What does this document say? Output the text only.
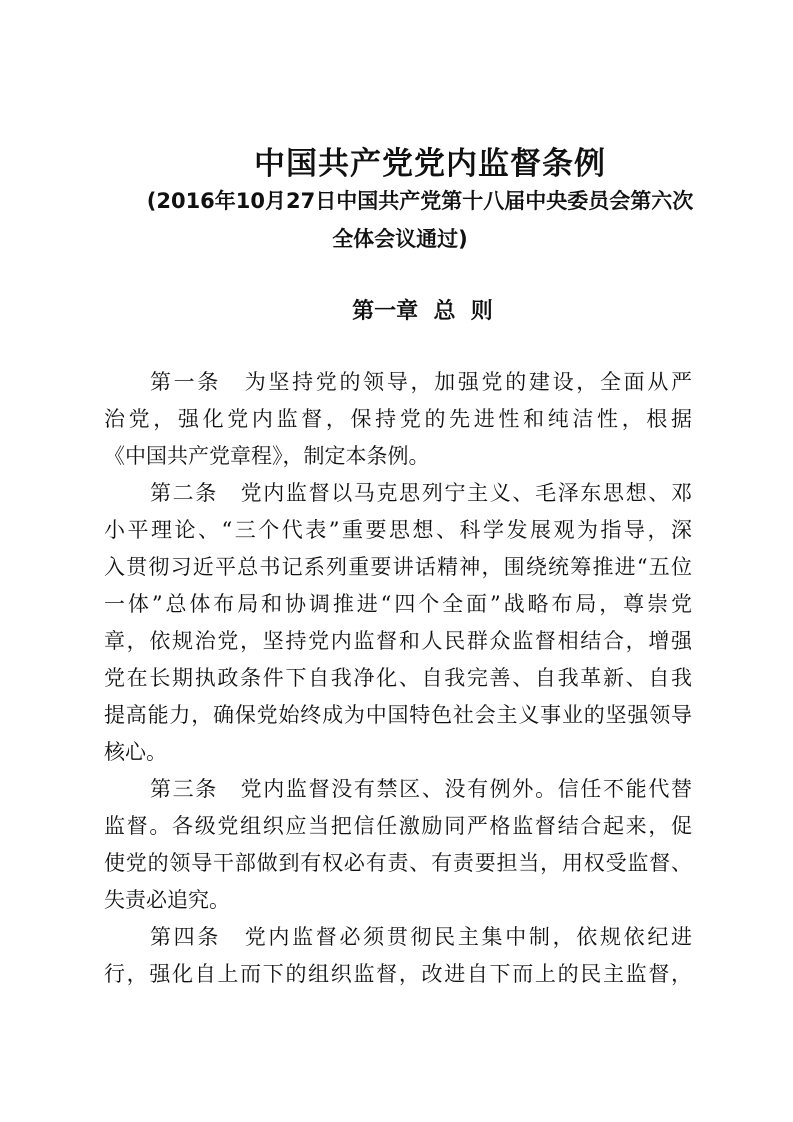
中国共产党党内监督条例
(2016年10月27日中国共产党第十八届中央委员会第六次
全体会议通过)
第一章  总  则
第一条　为坚持党的领导，加强党的建设，全面从严
治党，强化党内监督，保持党的先进性和纯洁性，根据
《中国共产党章程》，制定本条例。
第二条　党内监督以马克思列宁主义、毛泽东思想、邓
小平理论、“三个代表”重要思想、科学发展观为指导，深
入贯彻习近平总书记系列重要讲话精神，围绕统筹推进“五位
一体”总体布局和协调推进“四个全面”战略布局，尊崇党
章，依规治党，坚持党内监督和人民群众监督相结合，增强
党在长期执政条件下自我净化、自我完善、自我革新、自我
提高能力，确保党始终成为中国特色社会主义事业的坚强领导
核心。
第三条　党内监督没有禁区、没有例外。信任不能代替
监督。各级党组织应当把信任激励同严格监督结合起来，促
使党的领导干部做到有权必有责、有责要担当，用权受监督、
失责必追究。
第四条　党内监督必须贯彻民主集中制，依规依纪进
行，强化自上而下的组织监督，改进自下而上的民主监督，
